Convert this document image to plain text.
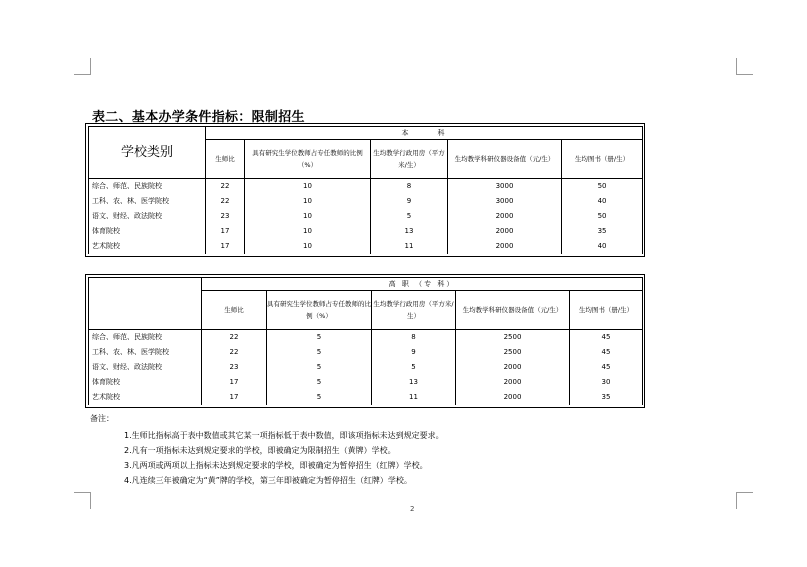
表二、基本办学条件指标：限制招生
学校类别	本　　　科				
	生师比	具有研究生学位教师占专任教师的比例（%）	生均教学行政用房（平方米/生）	生均教学科研仪器设备值（元/生）	生均图书（册/生）
综合、师范、民族院校	22	10	8	3000	50
工科、农、林、医学院校	22	10	9	3000	40
语文、财经、政法院校	23	10	5	2000	50
体育院校	17	10	13	2000	35
艺术院校	17	10	11	2000	40
	高 职 （专 科）				
	生师比	具有研究生学位教师占专任教师的比例（%）	生均教学行政用房（平方米/生）	生均教学科研仪器设备值（元/生）	生均图书（册/生）
综合、师范、民族院校	22	5	8	2500	45
工科、农、林、医学院校	22	5	9	2500	45
语文、财经、政法院校	23	5	5	2000	45
体育院校	17	5	13	2000	30
艺术院校	17	5	11	2000	35
备注：
1.生师比指标高于表中数值或其它某一项指标低于表中数值，即该项指标未达到规定要求。
2.凡有一项指标未达到规定要求的学校，即被确定为限制招生（黄牌）学校。
3.凡两项或两项以上指标未达到规定要求的学校，即被确定为暂停招生（红牌）学校。
4.凡连续三年被确定为“黄”牌的学校，第三年即被确定为暂停招生（红牌）学校。
2
